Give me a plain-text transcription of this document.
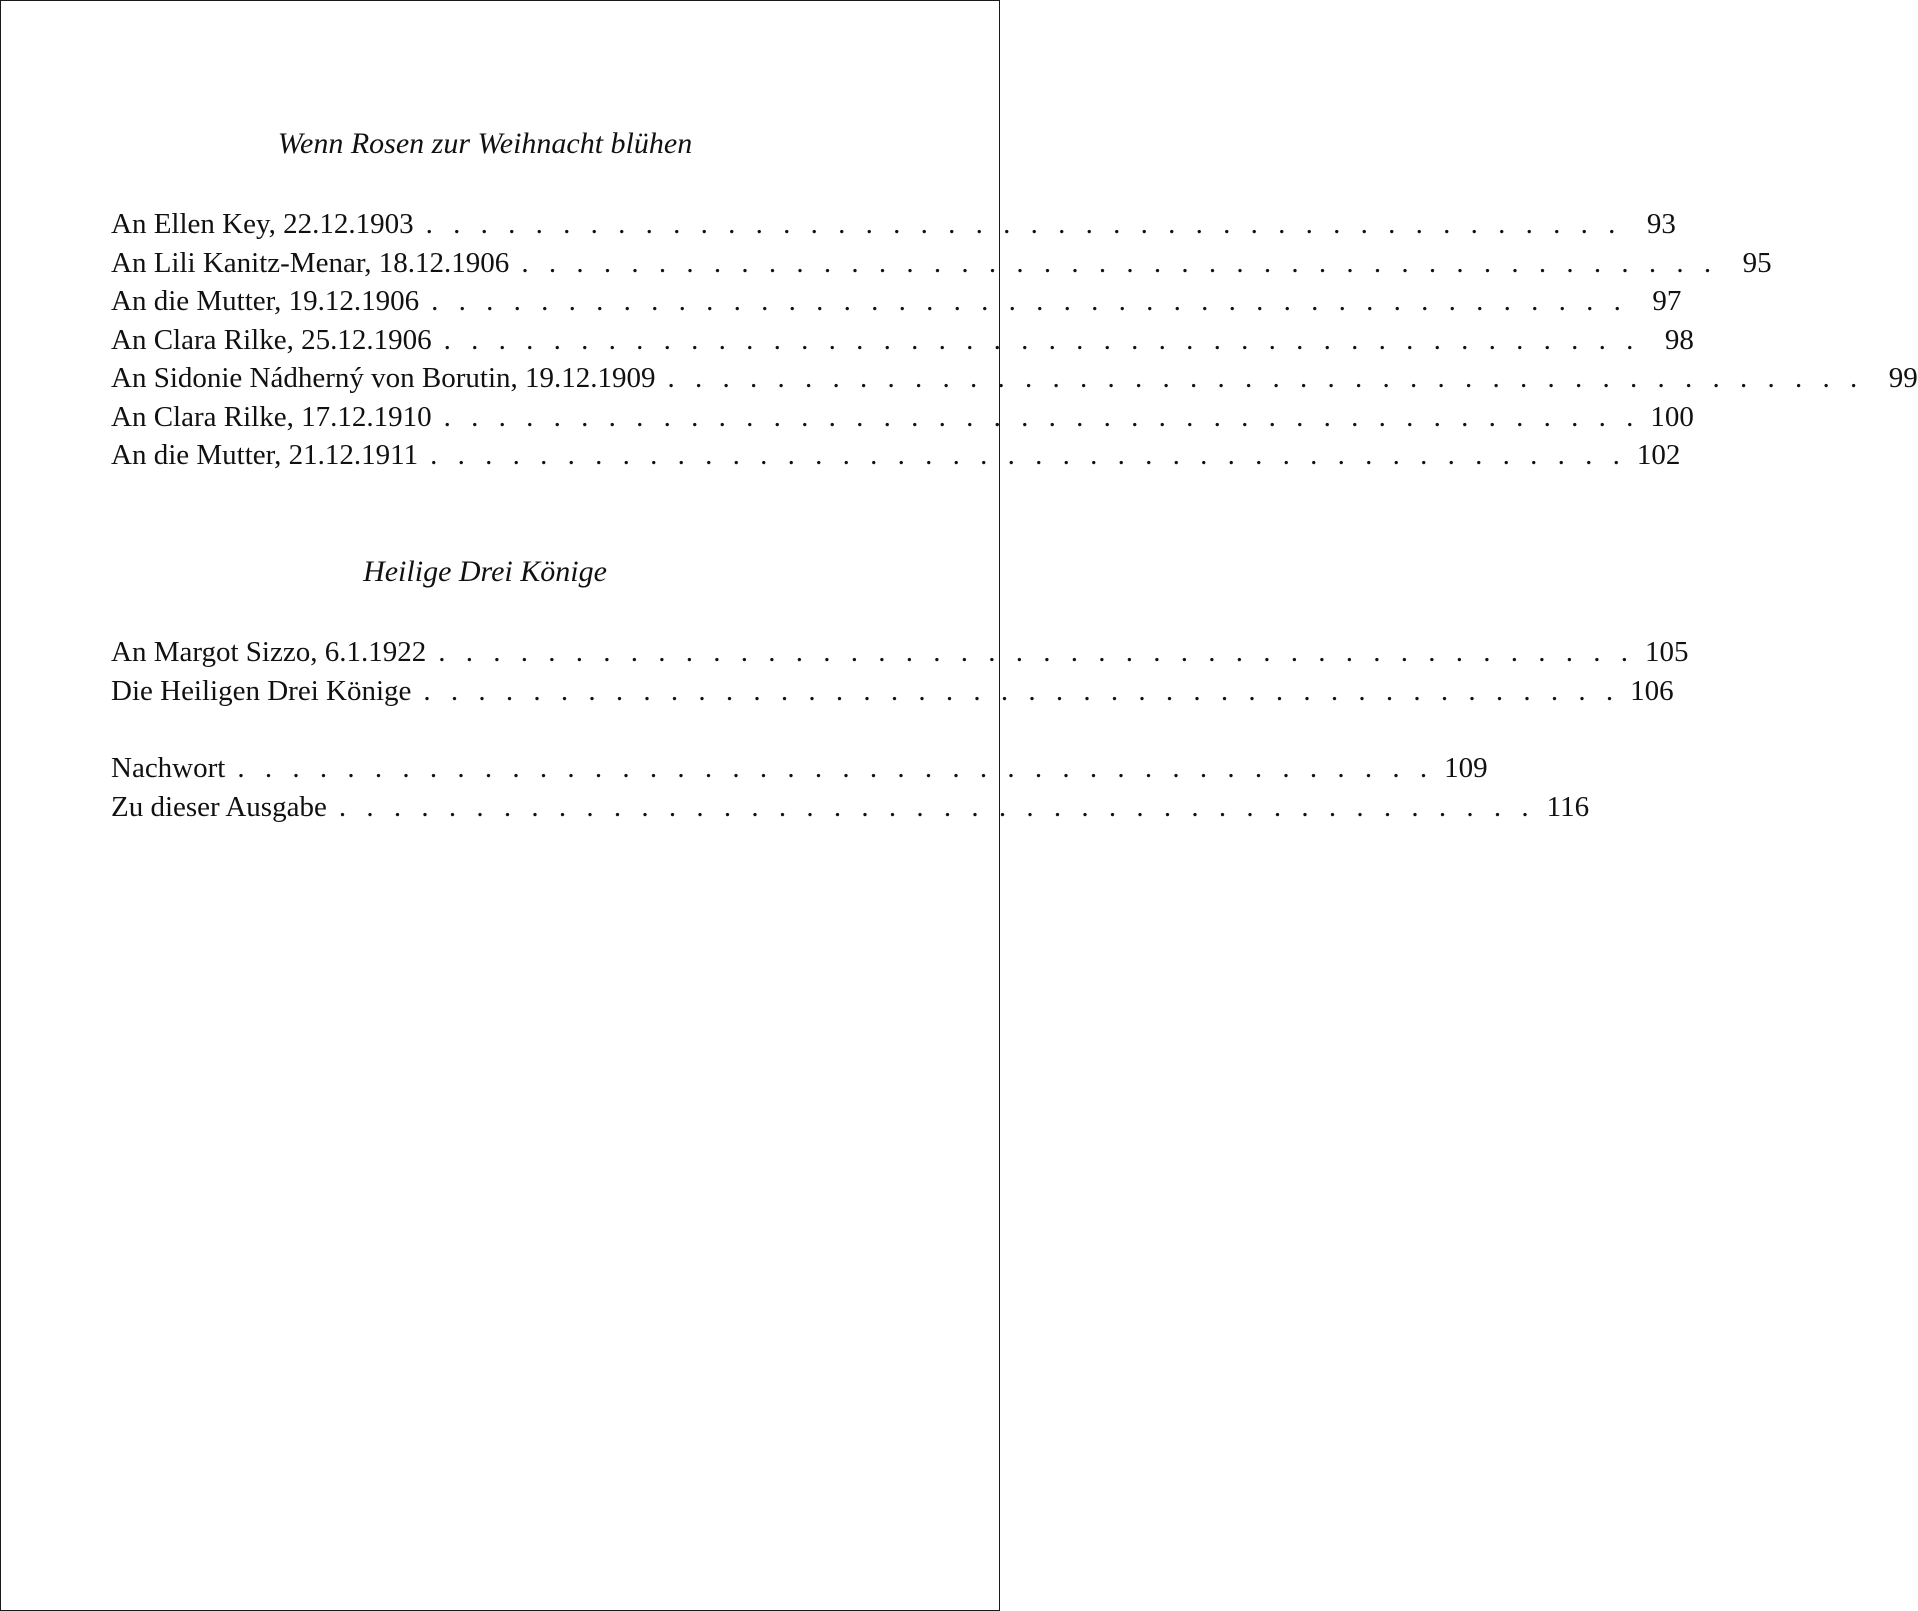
Wenn Rosen zur Weihnacht blühen
An Ellen Key, 22.12.1903 . . . . . . . . . . . . . . . . . . . . . . . . . . . . . . . . . . . . . . . . . . . . 93
An Lili Kanitz-Menar, 18.12.1906 . . . . . . . . . . . . . . . . . . . . . . . . . . . . . . . . . . . . . . . . . . . . 95
An die Mutter, 19.12.1906 . . . . . . . . . . . . . . . . . . . . . . . . . . . . . . . . . . . . . . . . . . . . 97
An Clara Rilke, 25.12.1906 . . . . . . . . . . . . . . . . . . . . . . . . . . . . . . . . . . . . . . . . . . . . 98
An Sidonie Nádherný von Borutin, 19.12.1909 . . . . . . . . . . . . . . . . . . . . . . . . . . . . . . . . . . . . . . . . . . . . 99
An Clara Rilke, 17.12.1910 . . . . . . . . . . . . . . . . . . . . . . . . . . . . . . . . . . . . . . . . . . . . 100
An die Mutter, 21.12.1911 . . . . . . . . . . . . . . . . . . . . . . . . . . . . . . . . . . . . . . . . . . . . 102
Heilige Drei Könige
An Margot Sizzo, 6.1.1922 . . . . . . . . . . . . . . . . . . . . . . . . . . . . . . . . . . . . . . . . . . . . 105
Die Heiligen Drei Könige . . . . . . . . . . . . . . . . . . . . . . . . . . . . . . . . . . . . . . . . . . . . 106
Nachwort . . . . . . . . . . . . . . . . . . . . . . . . . . . . . . . . . . . . . . . . . . . . 109
Zu dieser Ausgabe . . . . . . . . . . . . . . . . . . . . . . . . . . . . . . . . . . . . . . . . . . . . 116
